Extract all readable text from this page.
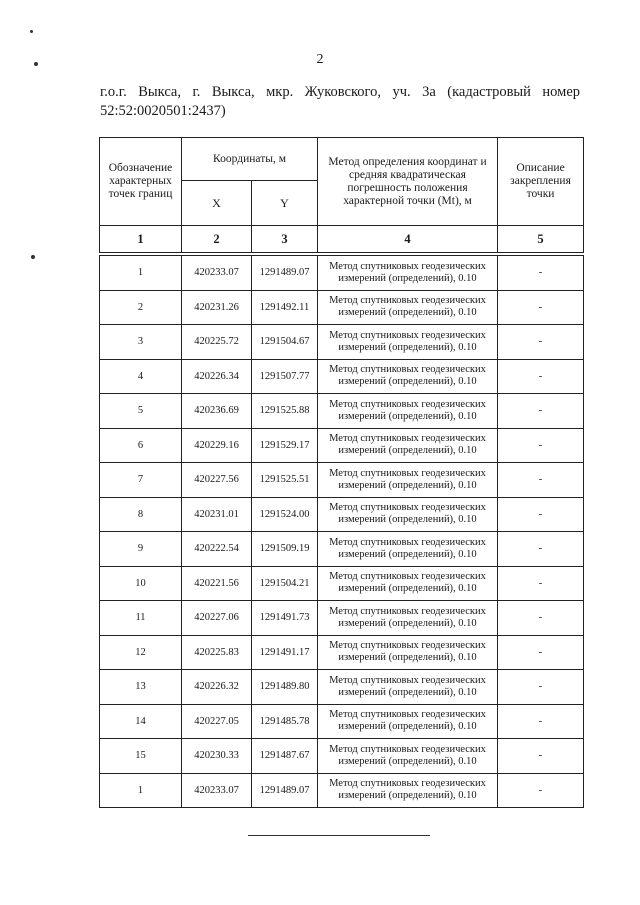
2
г.о.г. Выкса, г. Выкса, мкр. Жуковского, уч. 3а (кадастровый номер
52:52:0020501:2437)
Обозначение характерных точек границ	Координаты, м		Метод определения координат и средняя квадратическая погрешность положения характерной точки (Mt), м	Описание закрепления точки
	X	Y		
1	2	3	4	5

1	420233.07	1291489.07	Метод спутниковых геодезических
измерений (определений), 0.10	-
2	420231.26	1291492.11	Метод спутниковых геодезических
измерений (определений), 0.10	-
3	420225.72	1291504.67	Метод спутниковых геодезических
измерений (определений), 0.10	-
4	420226.34	1291507.77	Метод спутниковых геодезических
измерений (определений), 0.10	-
5	420236.69	1291525.88	Метод спутниковых геодезических
измерений (определений), 0.10	-
6	420229.16	1291529.17	Метод спутниковых геодезических
измерений (определений), 0.10	-
7	420227.56	1291525.51	Метод спутниковых геодезических
измерений (определений), 0.10	-
8	420231.01	1291524.00	Метод спутниковых геодезических
измерений (определений), 0.10	-
9	420222.54	1291509.19	Метод спутниковых геодезических
измерений (определений), 0.10	-
10	420221.56	1291504.21	Метод спутниковых геодезических
измерений (определений), 0.10	-
11	420227.06	1291491.73	Метод спутниковых геодезических
измерений (определений), 0.10	-
12	420225.83	1291491.17	Метод спутниковых геодезических
измерений (определений), 0.10	-
13	420226.32	1291489.80	Метод спутниковых геодезических
измерений (определений), 0.10	-
14	420227.05	1291485.78	Метод спутниковых геодезических
измерений (определений), 0.10	-
15	420230.33	1291487.67	Метод спутниковых геодезических
измерений (определений), 0.10	-
1	420233.07	1291489.07	Метод спутниковых геодезических
измерений (определений), 0.10	-
